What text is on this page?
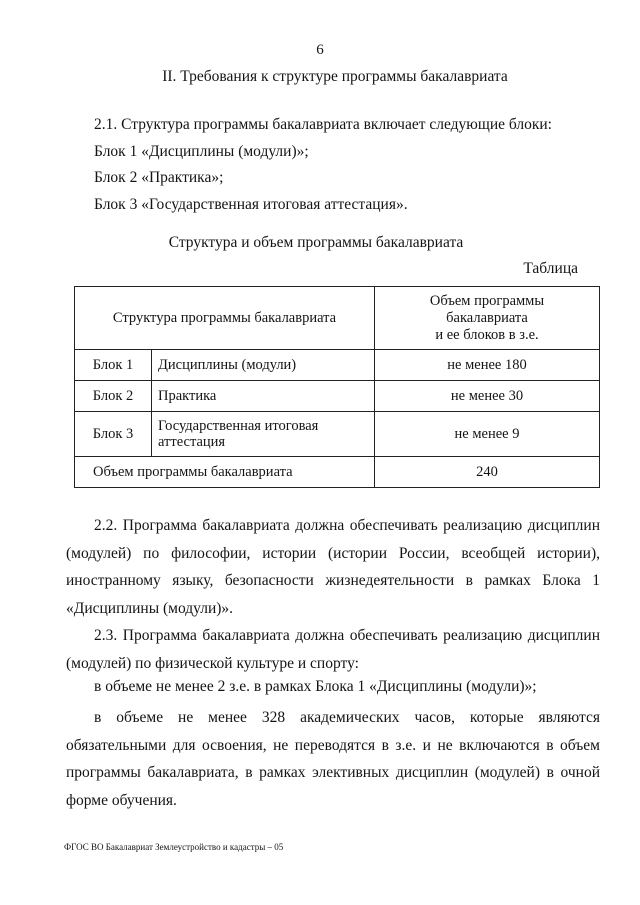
6
II. Требования к структуре программы бакалавриата
2.1. Структура программы бакалавриата включает следующие блоки:
Блок 1 «Дисциплины (модули)»;
Блок 2 «Практика»;
Блок 3 «Государственная итоговая аттестация».
Структура и объем программы бакалавриата
Таблица
Структура программы бакалавриата		Объем программы
бакалавриата
и ее блоков в з.е.

Блок 1	Дисциплины (модули)	не менее 180
Блок 2	Практика	не менее 30
Блок 3	Государственная итоговая аттестация	не менее 9
Объем программы бакалавриата		240
2.2. Программа бакалавриата должна обеспечивать реализацию дисциплин
(модулей) по философии, истории (истории России, всеобщей истории),
иностранному языку, безопасности жизнедеятельности в рамках Блока 1
«Дисциплины (модули)».
2.3. Программа бакалавриата должна обеспечивать реализацию дисциплин
(модулей) по физической культуре и спорту:
в объеме не менее 2 з.е. в рамках Блока 1 «Дисциплины (модули)»;
в объеме не менее 328 академических часов, которые являются
обязательными для освоения, не переводятся в з.е. и не включаются в объем
программы бакалавриата, в рамках элективных дисциплин (модулей) в очной
форме обучения.
ФГОС ВО Бакалавриат Землеустройство и кадастры – 05
